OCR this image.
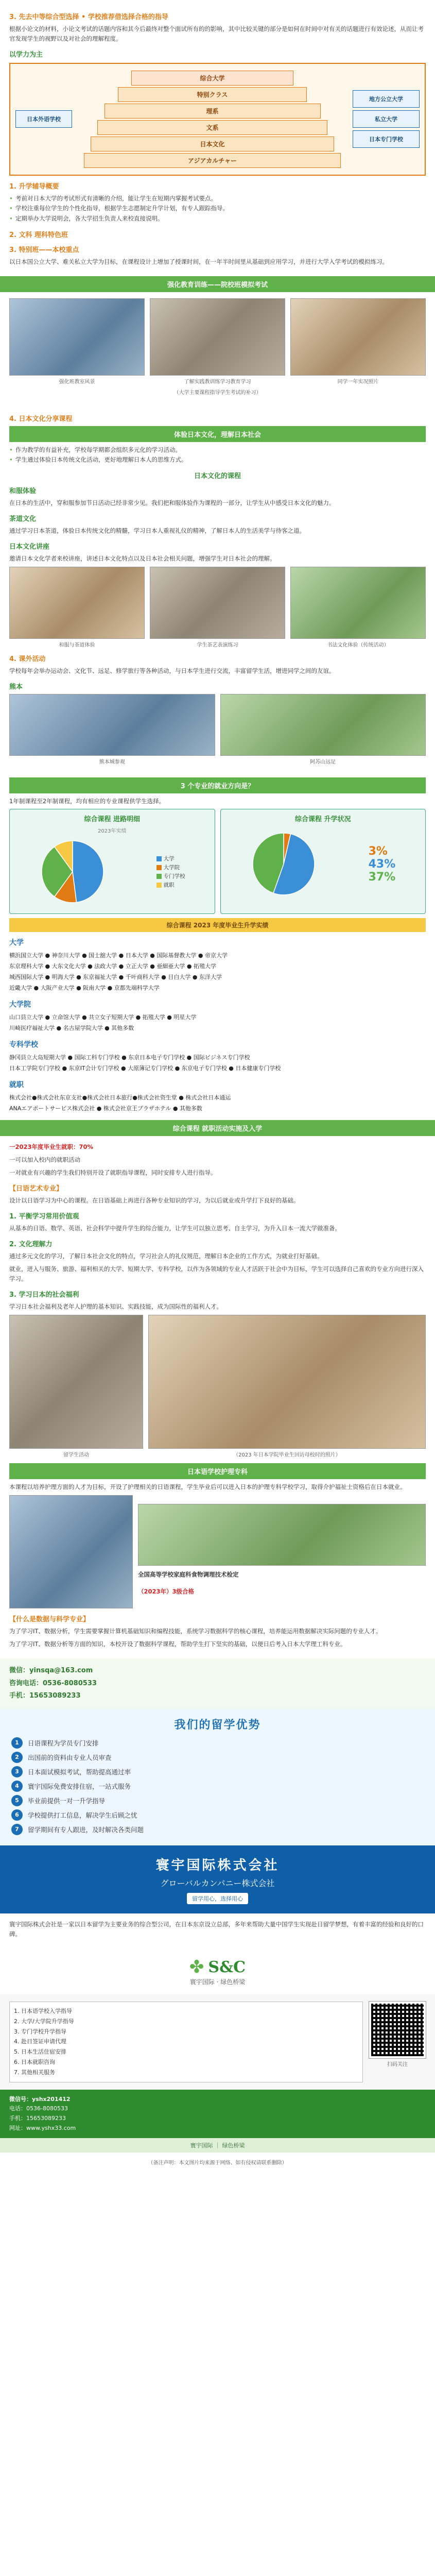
3. 先去中等综合型选择 • 学校推荐借选择合格的指导

根据小论文的材料，小论文考试的话题内容和其今后最终对整个面试所有的的影响，其中比较关键的部分是如何在时间中对有关的话题进行有效论述，从而让考官发现学生的视野以及对社会的理解程度。

以学力为主
日本外语学校
综合大学
特别クラス
理系
文系
日本文化
アジアカルチャー
地方公立大学
私立大学
日本专门学校
1. 升学辅导概要
• 考前对日本大学的考试形式有清晰的介绍，能让学生在短期内掌握考试要点。
• 学校注重每位学生的个性化指导，根据学生志愿制定升学计划，有专人跟踪指导。
• 定期举办大学说明会，各大学招生负责人来校直接说明。
2. 文科 理科特色班
3. 特别班——本校重点

以日本国公立大学、难关私立大学为目标，在课程设计上增加了授课时间，在一年半时间里从基础到应用学习，并进行大学入学考试的模拟练习。

强化教育训练——院校班模拟考试
强化班教室风景	了解实践教训练学习教育学习	同学一年实况照片
（大学主要课程指导学生考试的补习）
4. 日本文化分享课程
体验日本文化，理解日本社会
• 作为教学的有益补充，学校每学期都会组织多元化的学习活动。
• 学生通过体验日本传统文化活动，更好地理解日本人的思维方式。
日本文化的课程
和服体验

在日本的生活中，穿和服参加节日活动已经非常少见。我们把和服体验作为课程的一部分，让学生从中感受日本文化的魅力。

茶道文化

通过学习日本茶道，体验日本传统文化的精髓，学习日本人重视礼仪的精神，了解日本人的生活美学与待客之道。

日本文化讲座

邀请日本文化学者来校讲座，讲述日本文化特点以及日本社会相关问题，增强学生对日本社会的理解。

和服与茶道体验	学生茶艺表演练习	书法文化体验（传统活动）
4. 课外活动

学校每年会举办运动会、文化节、远足、修学旅行等各种活动，与日本学生进行交流，丰富留学生活，增进同学之间的友谊。

熊本
熊本城参观	阿苏山远足
3 个专业的就业方向是？

1年制课程至2年制课程，均有相应的专业课程供学生选择。

综合课程 进路明细
2023年实绩
大学
大学院
专门学校
就职
综合课程 升学状况
3%
43%
37%
综合课程 2023 年度毕业生升学实绩
大学
横浜国立大学 ● 神奈川大学 ● 国士舘大学 ● 日本大学 ● 国际基督教大学 ● 帝京大学
东京理科大学 ● 大东文化大学 ● 法政大学 ● 立正大学 ● 亜細亜大学 ● 拓殖大学
城西国际大学 ● 明海大学 ● 东京福祉大学 ● 千叶商科大学 ● 目白大学 ● 东洋大学
近畿大学 ● 大阪产业大学 ● 阪南大学 ● 京都先端科学大学
大学院
山口县立大学 ● 立命馆大学 ● 共立女子短期大学 ● 拓殖大学 ● 明星大学
川崎医疗福祉大学 ● 名古屋学院大学 ● 其他多数
专科学校
静冈县立大岛短期大学 ● 国际工科专门学校 ● 东京日本电子专门学校 ● 国际ビジネス专门学校
日本工学院专门学校 ● 东京IT会计专门学校 ● 大原簿记专门学校 ● 东京电子专门学校 ● 日本健康专门学校
就职
株式会社●株式会社东京支社●株式会社日本旅行●株式会社资生堂 ● 株式会社日本通运
ANAエアポートサービス株式会社 ● 株式会社京王プラザホテル ● 其他多数
综合课程 就职活动实施及入学

一2023年度毕业生就职：70%

一可以加入校内的就职活动

一对就业有兴趣的学生我们特别开设了就职指导课程，同时安排专人进行指导。

【日语艺术专业】

设计以日语学习为中心的课程。在日语基础上再进行各种专业知识的学习，为以后就业或升学打下良好的基础。

1. 平衡学习常用价值观

从基本的日语、数学、英语、社会科学中提升学生的综合能力，让学生可以独立思考、自主学习，为升入日本一流大学做准备。

2. 文化理解力

通过多元文化的学习，了解日本社会文化的特点，学习社会人的礼仪规范，理解日本企业的工作方式，为就业打好基础。

就业，进入与服务、旅游、福利相关的大学、短期大学、专科学校，以作为各领域的专业人才活跃于社会中为目标，学生可以选择自己喜欢的专业方向进行深入学习。

3. 学习日本的社会福利

学习日本社会福利及老年人护理的基本知识、实践技能，成为国际性的福利人才。

留学生活动	（2023 年日本学院毕业生回访母校时的照片）
日本语学校护理专科

本课程以培养护理方面的人才为目标，开设了护理相关的日语课程，学生毕业后可以进入日本的护理专科学校学习，取得介护福祉士资格后在日本就业。

全国高等学校家庭科食物调理技术检定
（2023年）3级合格
【什么是数据与科学专业】

为了学习IT、数据分析，学生需要掌握计算机基础知识和编程技能，系统学习数据科学的核心课程，培养能运用数据解决实际问题的专业人才。

为了学习IT、数据分析等方面的知识，本校开设了数据科学课程，帮助学生打下坚实的基础，以便日后考入日本大学理工科专业。

微信：yinsqa@163.com
咨询电话：0536-8080533
手机：15653089233
我们的留学优势
1	日语课程为学员专门安排
2	出国前的资料由专业人员审查
3	日本面试模拟考试，帮助提高通过率
4	寰宇国际免费安排住宿，一站式服务
5	毕业前提供一对一升学指导
6	学校提供打工信息，解决学生后顾之忧
7	留学期间有专人跟进，及时解决各类问题
寰宇国际株式会社
グローバルカンパニー株式会社
留学用心，选择用心

寰宇国际株式会社是一家以日本留学为主要业务的综合型公司，在日本东京设立总部，多年来帮助大量中国学生实现赴日留学梦想，有着丰富的经验和良好的口碑。

✤ S&C
寰宇国际 · 绿色桥梁
1. 日本语学校入学指导
2. 大学/大学院升学指导
3. 专门学校升学指导
4. 赴日签证申请代理
5. 日本生活住宿安排
6. 日本就职咨询
7. 其他相关服务
扫码关注
微信号：yshx201412
电话：0536-8080533
手机：15653089233
网址：www.yshx33.com
寰宇国际 ｜ 绿色桥梁
（备注声明：本文图片均来源于网络、如有侵权请联系删除）
